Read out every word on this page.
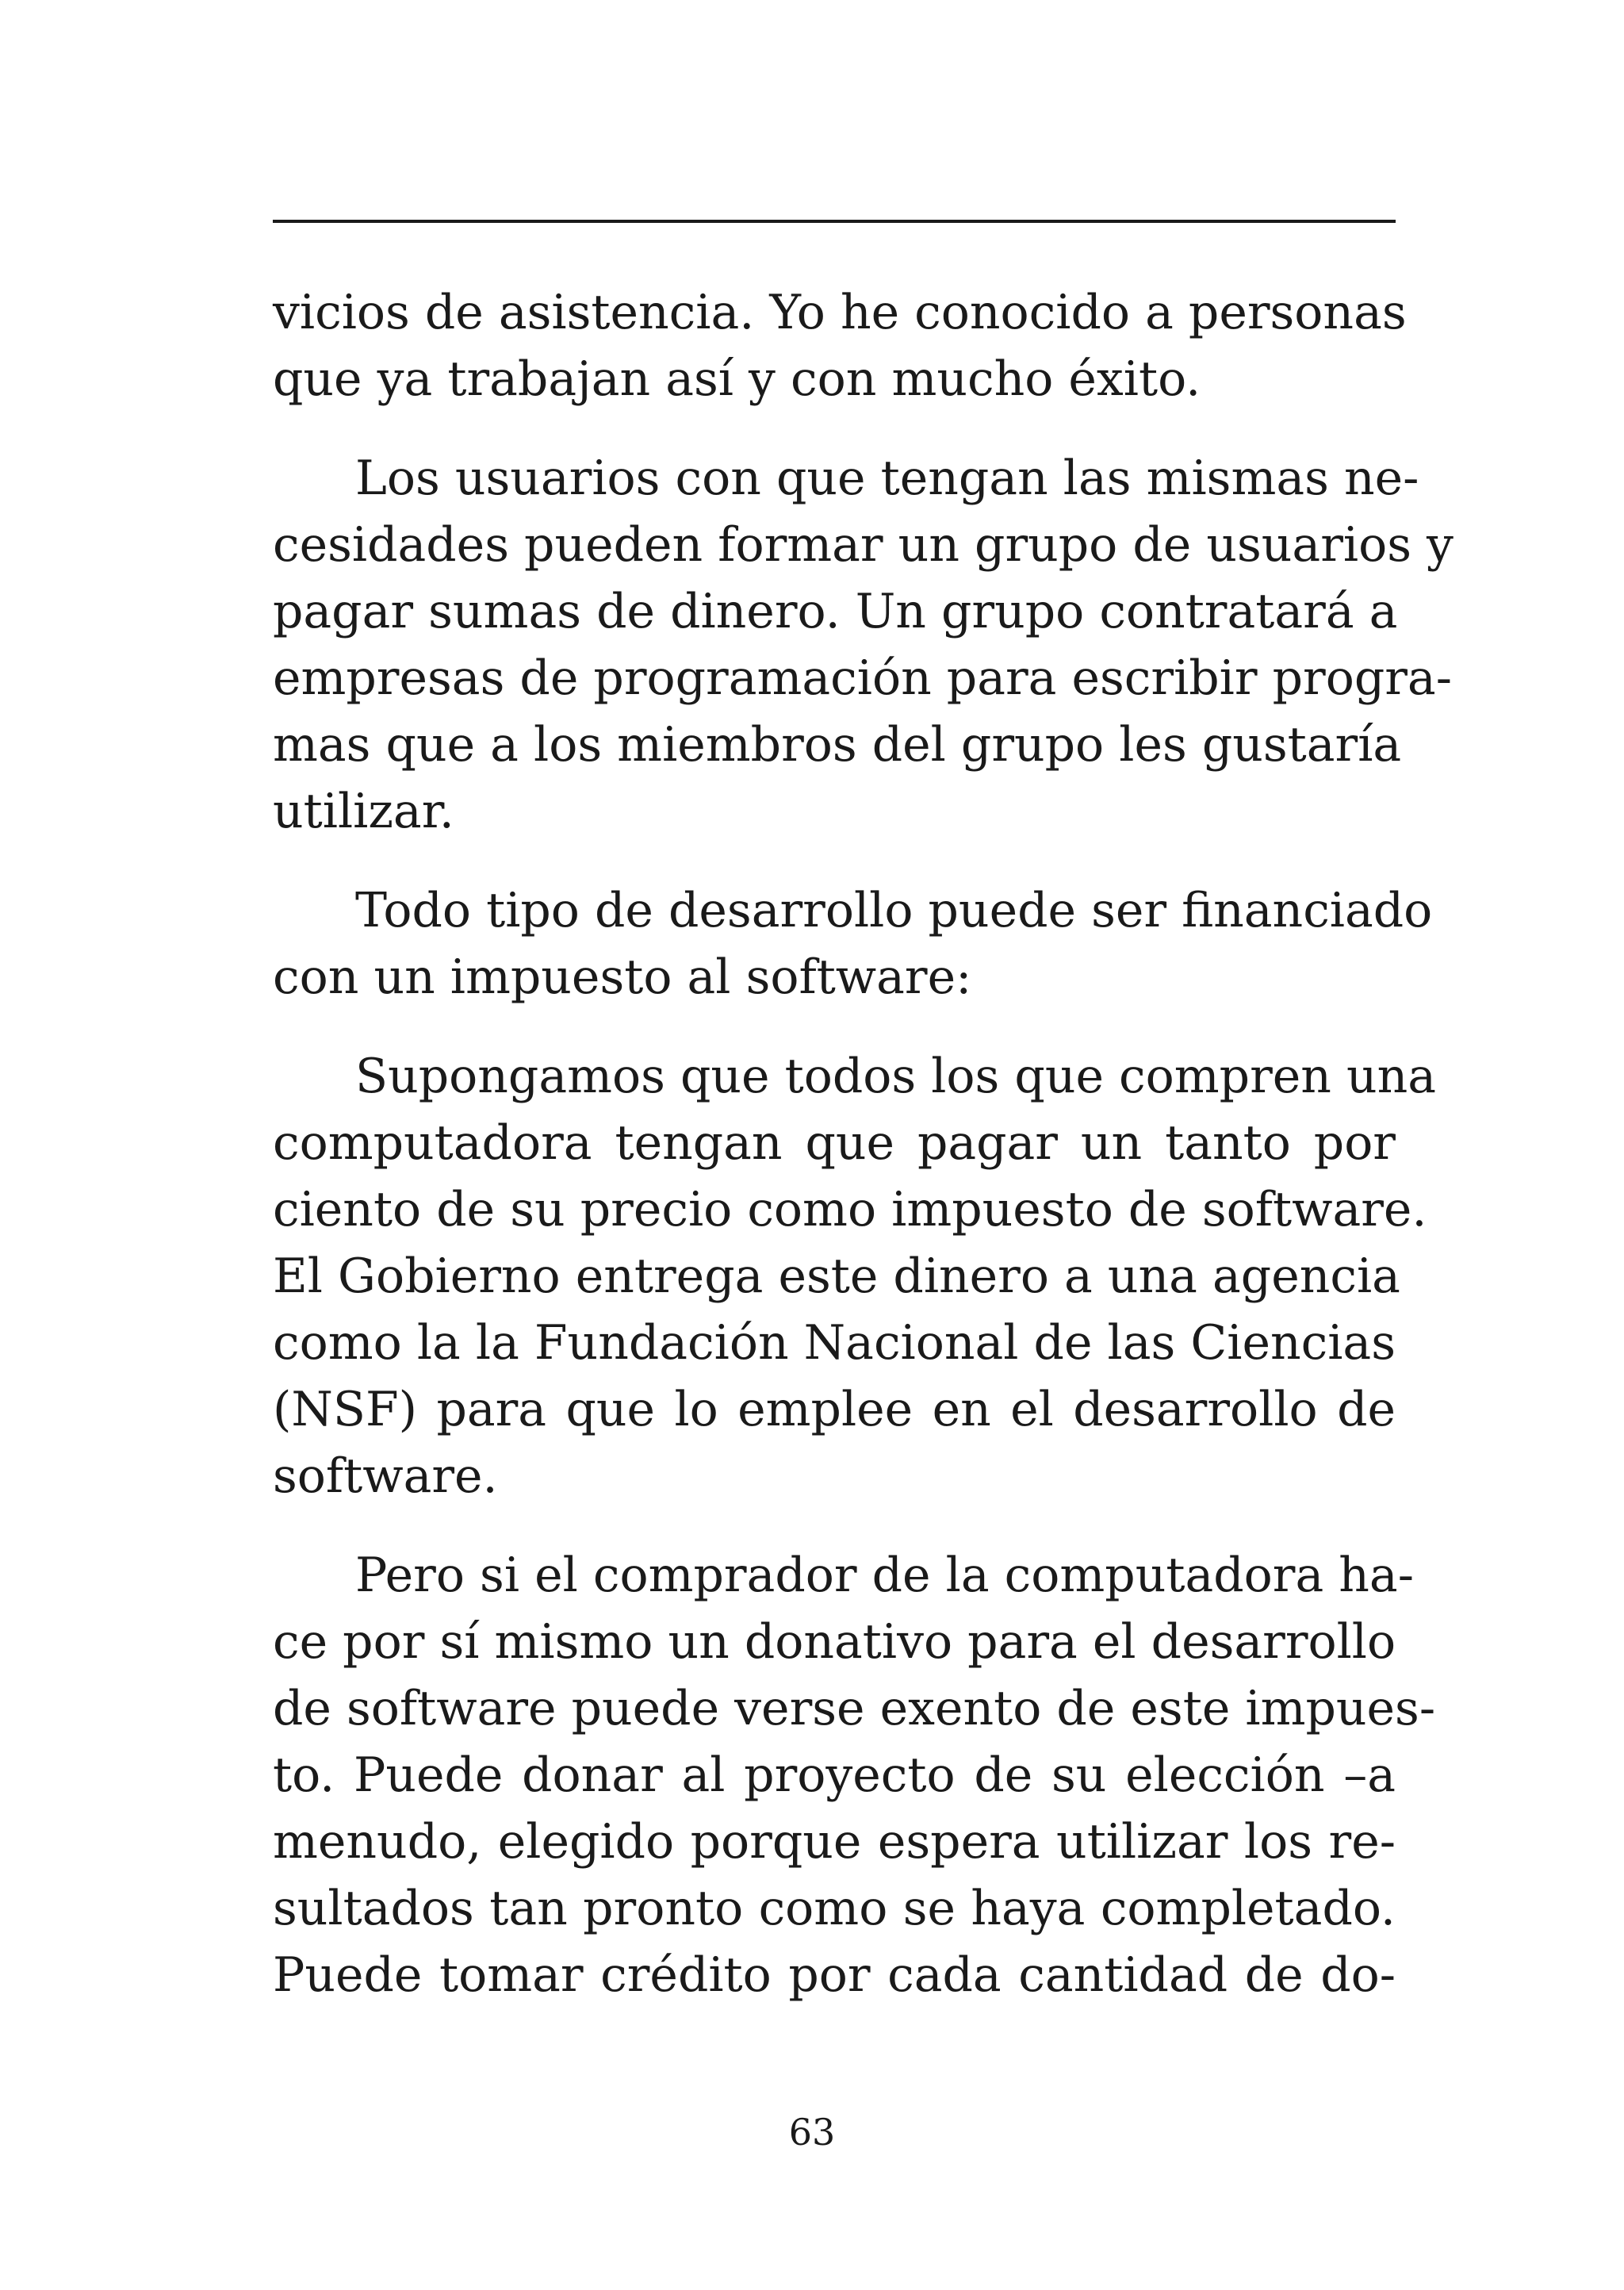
vicios de asistencia. Yo he conocido a personas
que ya trabajan así y con mucho éxito.
Los usuarios con que tengan las mismas ne-
cesidades pueden formar un grupo de usuarios y
pagar sumas de dinero. Un grupo contratará a
empresas de programación para escribir progra-
mas que a los miembros del grupo les gustaría
utilizar.
Todo tipo de desarrollo puede ser financiado
con un impuesto al software:
Supongamos que todos los que compren una
computadora tengan que pagar un tanto por
ciento de su precio como impuesto de software.
El Gobierno entrega este dinero a una agencia
como la la Fundación Nacional de las Ciencias
(NSF) para que lo emplee en el desarrollo de
software.
Pero si el comprador de la computadora ha-
ce por sí mismo un donativo para el desarrollo
de software puede verse exento de este impues-
to. Puede donar al proyecto de su elección –a
menudo, elegido porque espera utilizar los re-
sultados tan pronto como se haya completado.
Puede tomar crédito por cada cantidad de do-
63
